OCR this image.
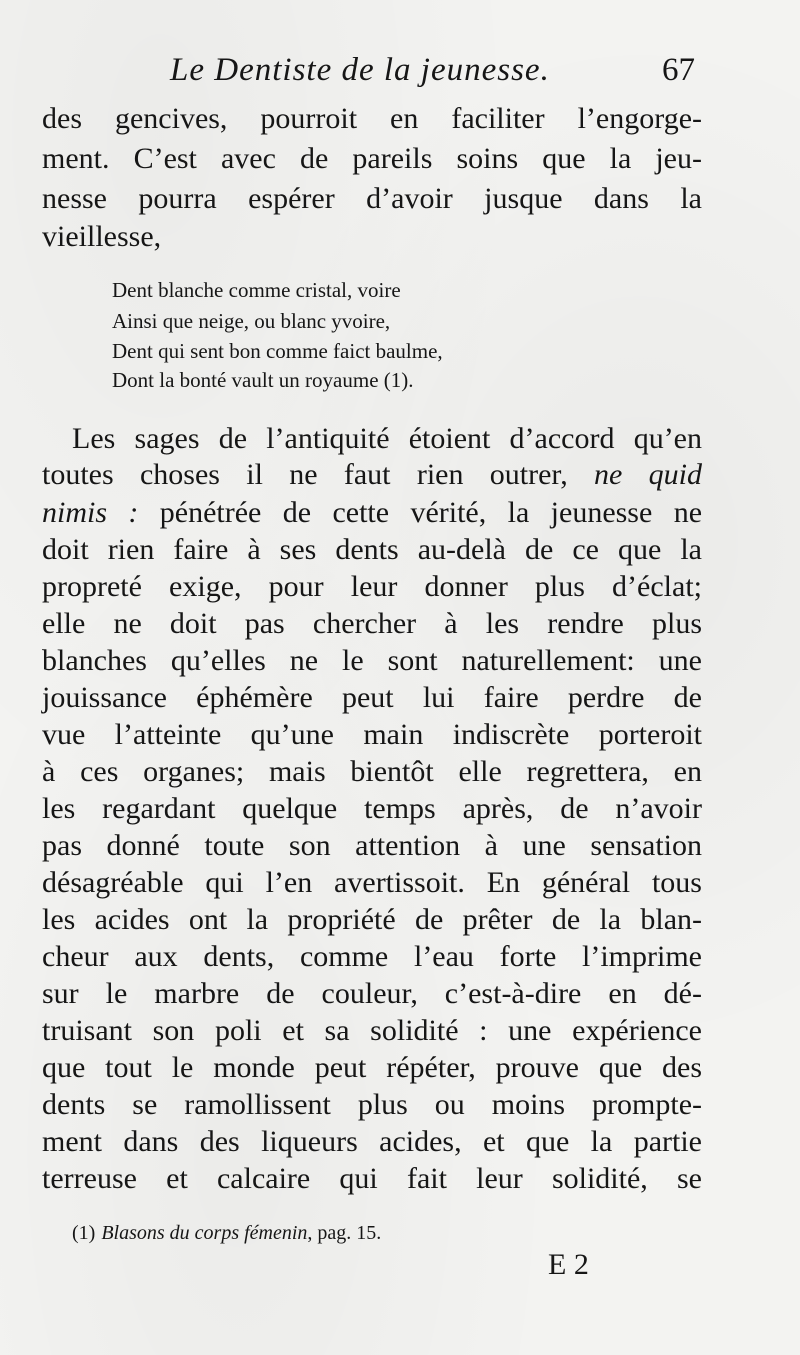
Le Dentiste de la jeunesse.	67
des gencives, pourroit en faciliter l’engorge-
ment. C’est avec de pareils soins que la jeu-
nesse pourra espérer d’avoir jusque dans la
vieillesse,
Dent blanche comme cristal, voire
Ainsi que neige, ou blanc yvoire,
Dent qui sent bon comme faict baulme,
Dont la bonté vault un royaume (1).
Les sages de l’antiquité étoient d’accord qu’en
toutes choses il ne faut rien outrer, ne quid
nimis : pénétrée de cette vérité, la jeunesse ne
doit rien faire à ses dents au-delà de ce que la
propreté exige, pour leur donner plus d’éclat;
elle ne doit pas chercher à les rendre plus
blanches qu’elles ne le sont naturellement: une
jouissance éphémère peut lui faire perdre de
vue l’atteinte qu’une main indiscrète porteroit
à ces organes; mais bientôt elle regrettera, en
les regardant quelque temps après, de n’avoir
pas donné toute son attention à une sensation
désagréable qui l’en avertissoit. En général tous
les acides ont la propriété de prêter de la blan-
cheur aux dents, comme l’eau forte l’imprime
sur le marbre de couleur, c’est-à-dire en dé-
truisant son poli et sa solidité : une expérience
que tout le monde peut répéter, prouve que des
dents se ramollissent plus ou moins prompte-
ment dans des liqueurs acides, et que la partie
terreuse et calcaire qui fait leur solidité, se
(1) Blasons du corps fémenin, pag. 15.
E 2
